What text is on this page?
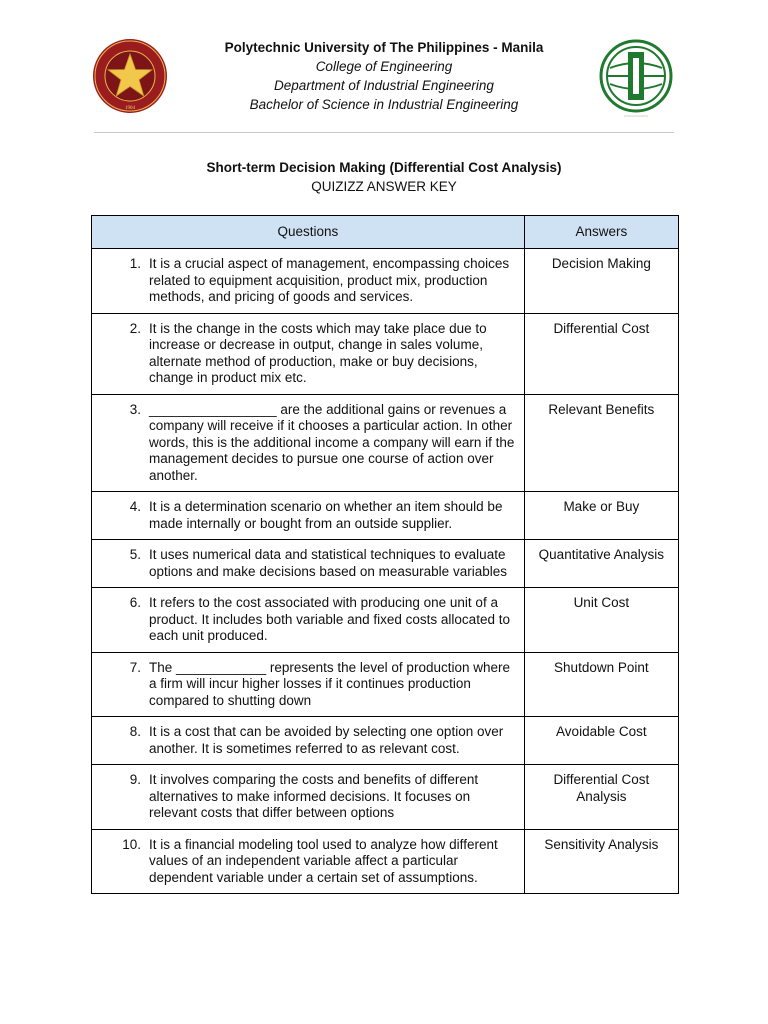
1904
Polytechnic University of The Philippines - Manila
College of Engineering
Department of Industrial Engineering
Bachelor of Science in Industrial Engineering
Short-term Decision Making (Differential Cost Analysis)
QUIZIZZ ANSWER KEY
Questions	Answers

1 . It is a crucial aspect of management, encompassing choices related to equipment acquisition, product mix, production methods, and pricing of goods and services.	Decision Making

2 . It is the change in the costs which may take place due to increase or decrease in output, change in sales volume, alternate method of production, make or buy decisions, change in product mix etc.	Differential Cost

3 . _________________ are the additional gains or revenues a company will receive if it chooses a particular action. In other words, this is the additional income a company will earn if the management decides to pursue one course of action over another.	Relevant Benefits

4 . It is a determination scenario on whether an item should be made internally or bought from an outside supplier.	Make or Buy

5 . It uses numerical data and statistical techniques to evaluate options and make decisions based on measurable variables	Quantitative Analysis

6 . It refers to the cost associated with producing one unit of a product. It includes both variable and fixed costs allocated to each unit produced.	Unit Cost

7 . The ____________ represents the level of production where a firm will incur higher losses if it continues production compared to shutting down	Shutdown Point

8 . It is a cost that can be avoided by selecting one option over another. It is sometimes referred to as relevant cost.	Avoidable Cost

9 . It involves comparing the costs and benefits of different alternatives to make informed decisions. It focuses on relevant costs that differ between options	Differential Cost Analysis

10 . It is a financial modeling tool used to analyze how different values of an independent variable affect a particular dependent variable under a certain set of assumptions.	Sensitivity Analysis
